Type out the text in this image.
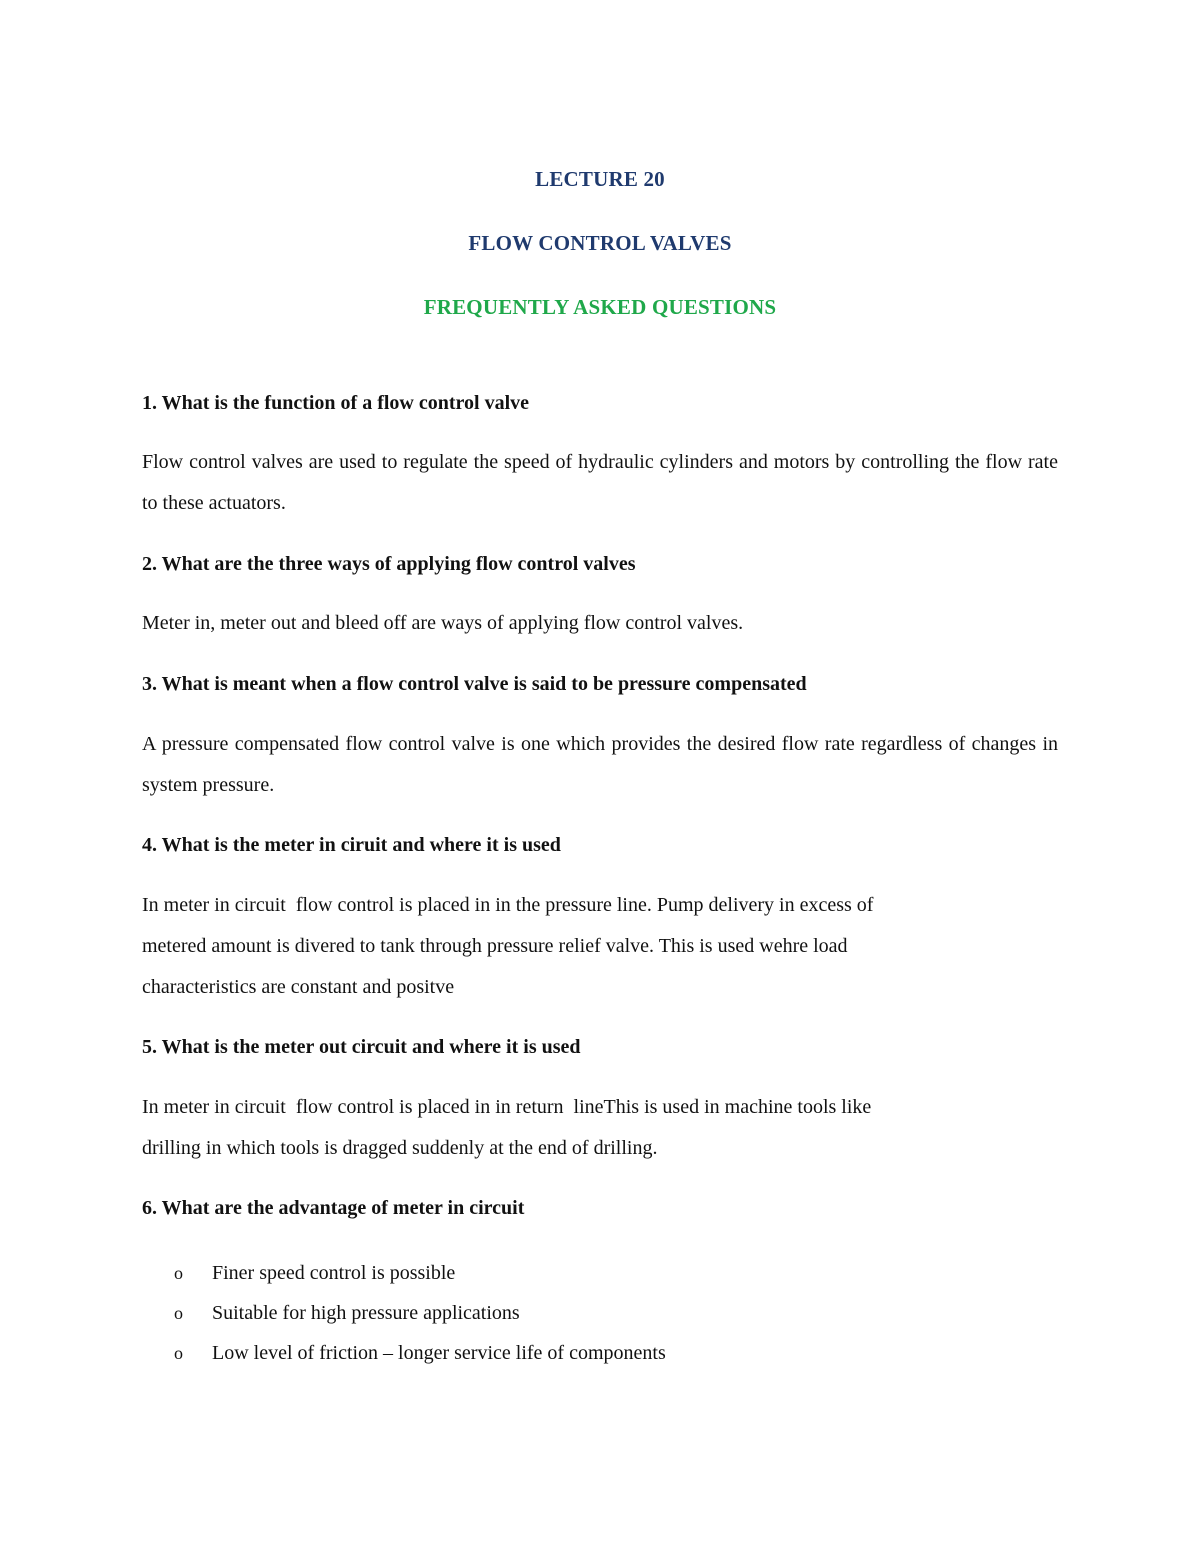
LECTURE 20
FLOW CONTROL VALVES
FREQUENTLY ASKED QUESTIONS
1. What is the function of a flow control valve
Flow control valves are used to regulate the speed of hydraulic cylinders and motors by controlling the flow rate to these actuators.
2. What are the three ways of applying flow control valves
Meter in, meter out and bleed off are ways of applying flow control valves.
3. What is meant when a flow control valve is said to be pressure compensated
A pressure compensated flow control valve is one which provides the desired flow rate regardless of changes in system pressure.
4. What is the meter in ciruit and where it is used
In meter in circuit  flow control is placed in in the pressure line. Pump delivery in excess of
metered amount is divered to tank through pressure relief valve. This is used wehre load
characteristics are constant and positve
5. What is the meter out circuit and where it is used
In meter in circuit  flow control is placed in in return  lineThis is used in machine tools like
drilling in which tools is dragged suddenly at the end of drilling.
6. What are the advantage of meter in circuit
o Finer speed control is possible
o Suitable for high pressure applications
o Low level of friction – longer service life of components
